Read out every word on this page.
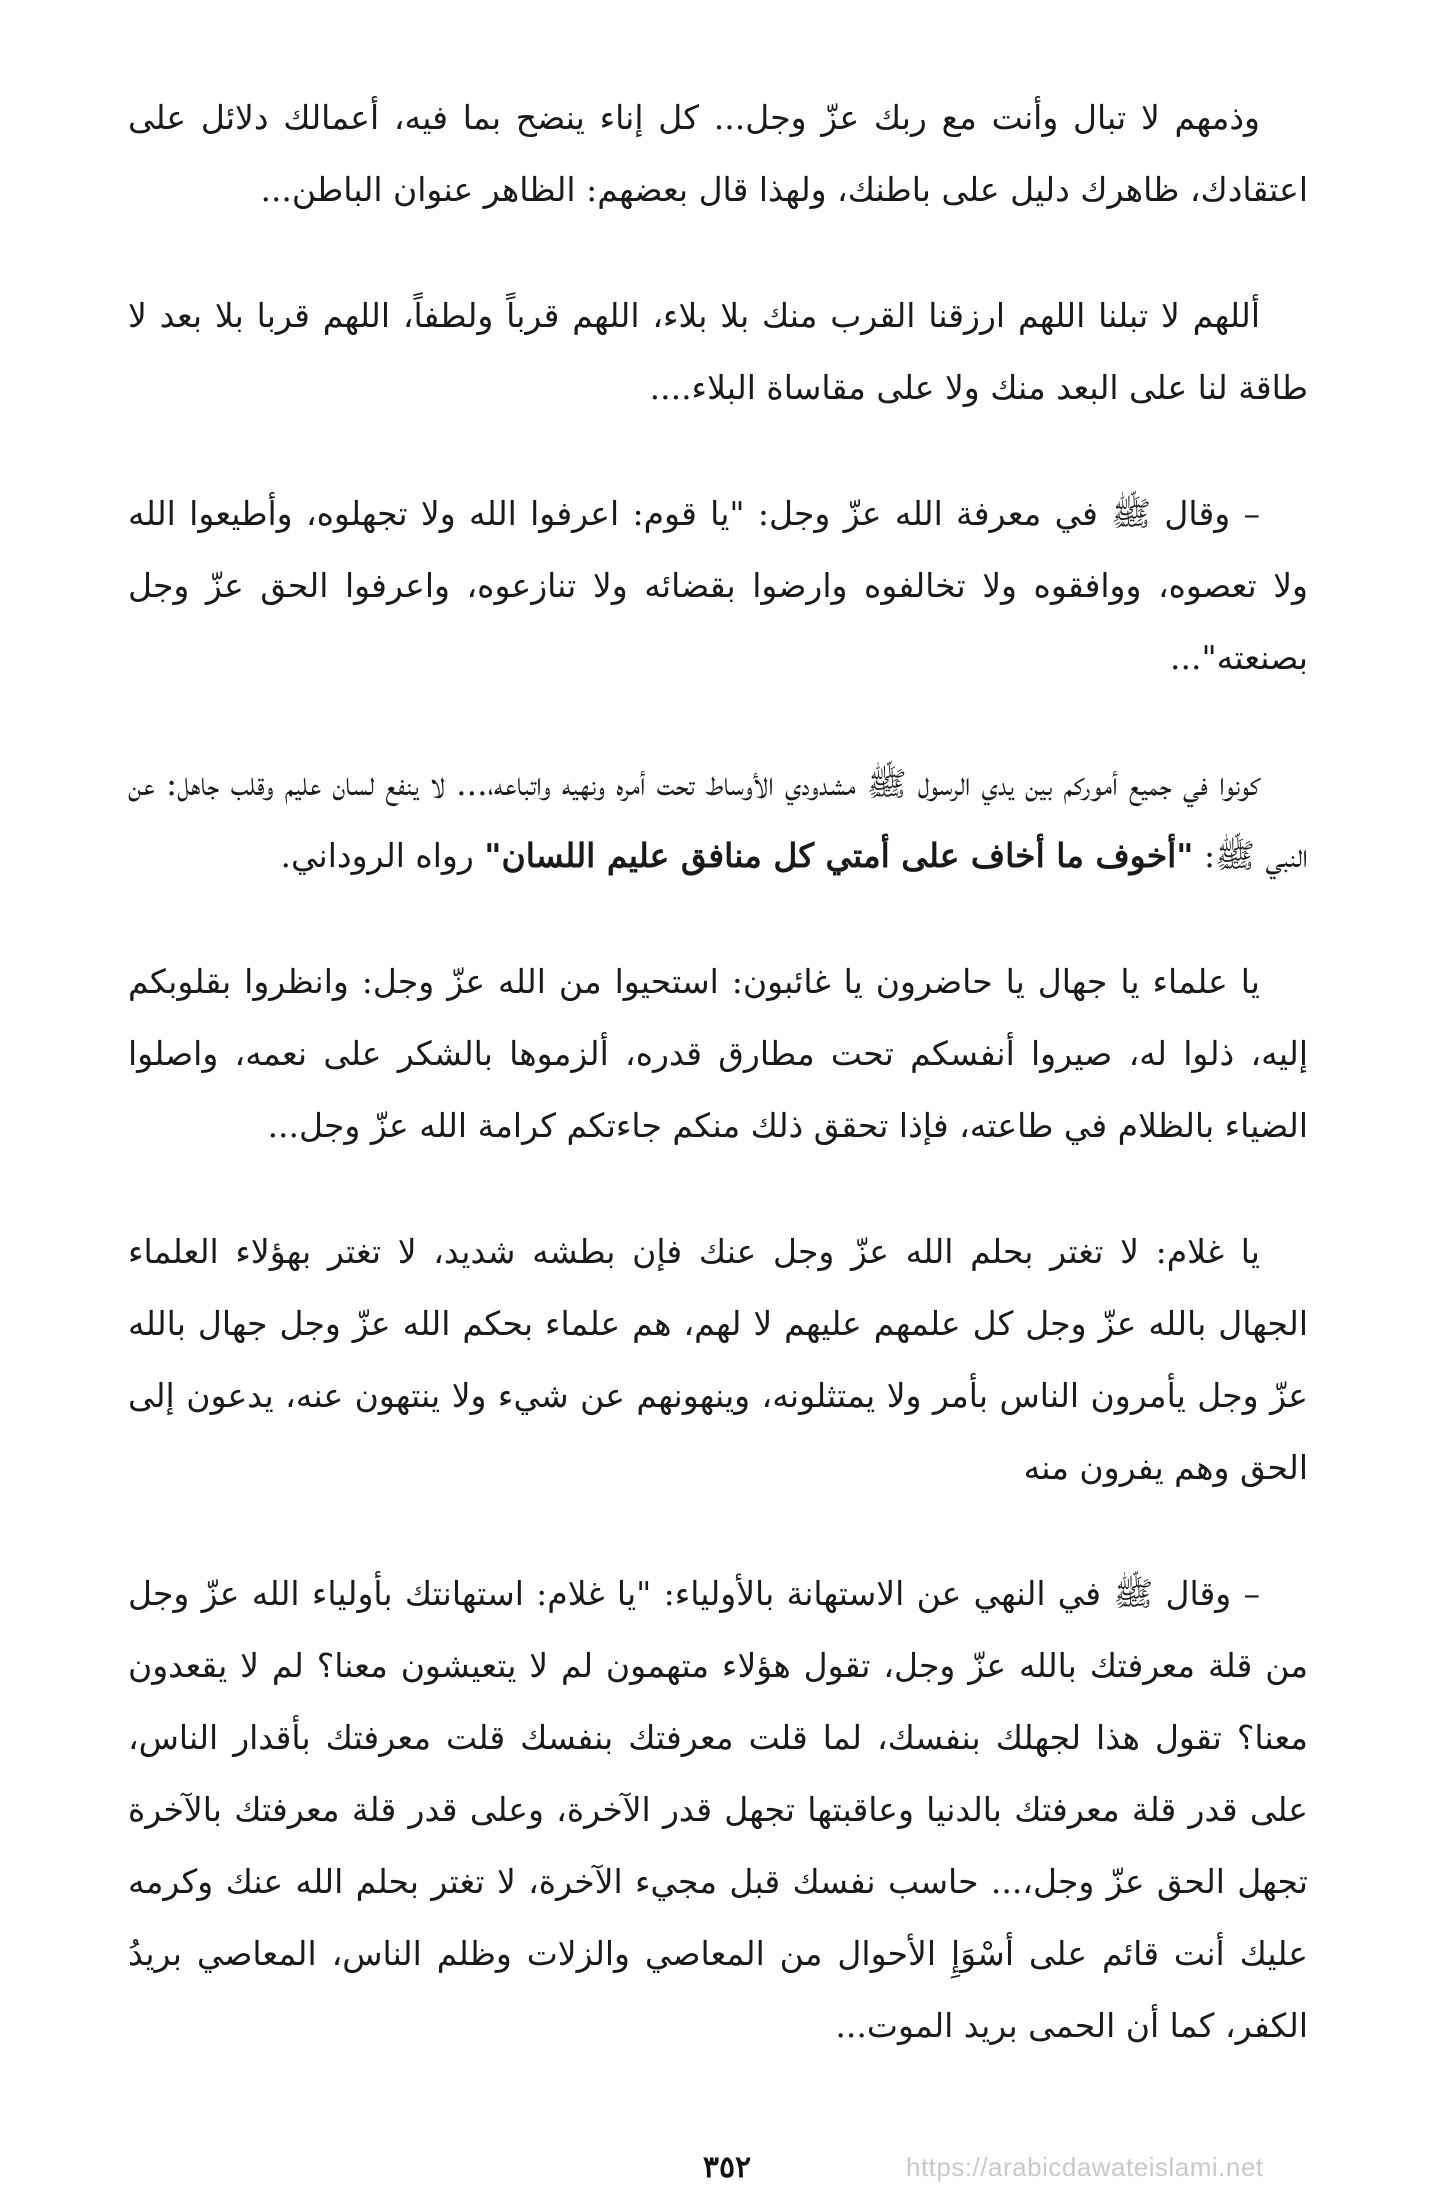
وذمهم لا تبال وأنت مع ربك عزّ وجل... كل إناء ينضح بما فيه، أعمالك دلائل على اعتقادك، ظاهرك دليل على باطنك، ولهذا قال بعضهم: الظاهر عنوان الباطن...

أللهم لا تبلنا اللهم ارزقنا القرب منك بلا بلاء، اللهم قرباً ولطفاً، اللهم قربا بلا بعد لا طاقة لنا على البعد منك ولا على مقاساة البلاء....

– وقال ﷺ في معرفة الله عزّ وجل: "يا قوم: اعرفوا الله ولا تجهلوه، وأطيعوا الله ولا تعصوه، ووافقوه ولا تخالفوه وارضوا بقضائه ولا تنازعوه، واعرفوا الحق عزّ وجل بصنعته"...

كونوا في جميع أموركم بين يدي الرسول ﷺ مشدودي الأوساط تحت أمره ونهيه واتباعه،... لا ينفع لسان عليم وقلب جاهل: عن النبي ﷺ: "أخوف ما أخاف على أمتي كل منافق عليم اللسان" رواه الروداني.

يا علماء يا جهال يا حاضرون يا غائبون: استحيوا من الله عزّ وجل: وانظروا بقلوبكم إليه، ذلوا له، صيروا أنفسكم تحت مطارق قدره، ألزموها بالشكر على نعمه، واصلوا الضياء بالظلام في طاعته، فإذا تحقق ذلك منكم جاءتكم كرامة الله عزّ وجل...

يا غلام: لا تغتر بحلم الله عزّ وجل عنك فإن بطشه شديد، لا تغتر بهؤلاء العلماء الجهال بالله عزّ وجل كل علمهم عليهم لا لهم، هم علماء بحكم الله عزّ وجل جهال بالله عزّ وجل يأمرون الناس بأمر ولا يمتثلونه، وينهونهم عن شيء ولا ينتهون عنه، يدعون إلى الحق وهم يفرون منه

– وقال ﷺ في النهي عن الاستهانة بالأولياء: "يا غلام: استهانتك بأولياء الله عزّ وجل من قلة معرفتك بالله عزّ وجل، تقول هؤلاء متهمون لم لا يتعيشون معنا؟ لم لا يقعدون معنا؟ تقول هذا لجهلك بنفسك، لما قلت معرفتك بنفسك قلت معرفتك بأقدار الناس، على قدر قلة معرفتك بالدنيا وعاقبتها تجهل قدر الآخرة، وعلى قدر قلة معرفتك بالآخرة تجهل الحق عزّ وجل،... حاسب نفسك قبل مجيء الآخرة، لا تغتر بحلم الله عنك وكرمه عليك أنت قائم على أسْوَإِ الأحوال من المعاصي والزلات وظلم الناس، المعاصي بريدُ الكفر، كما أن الحمى بريد الموت...

٣٥٢	https://arabicdawateislami.net
